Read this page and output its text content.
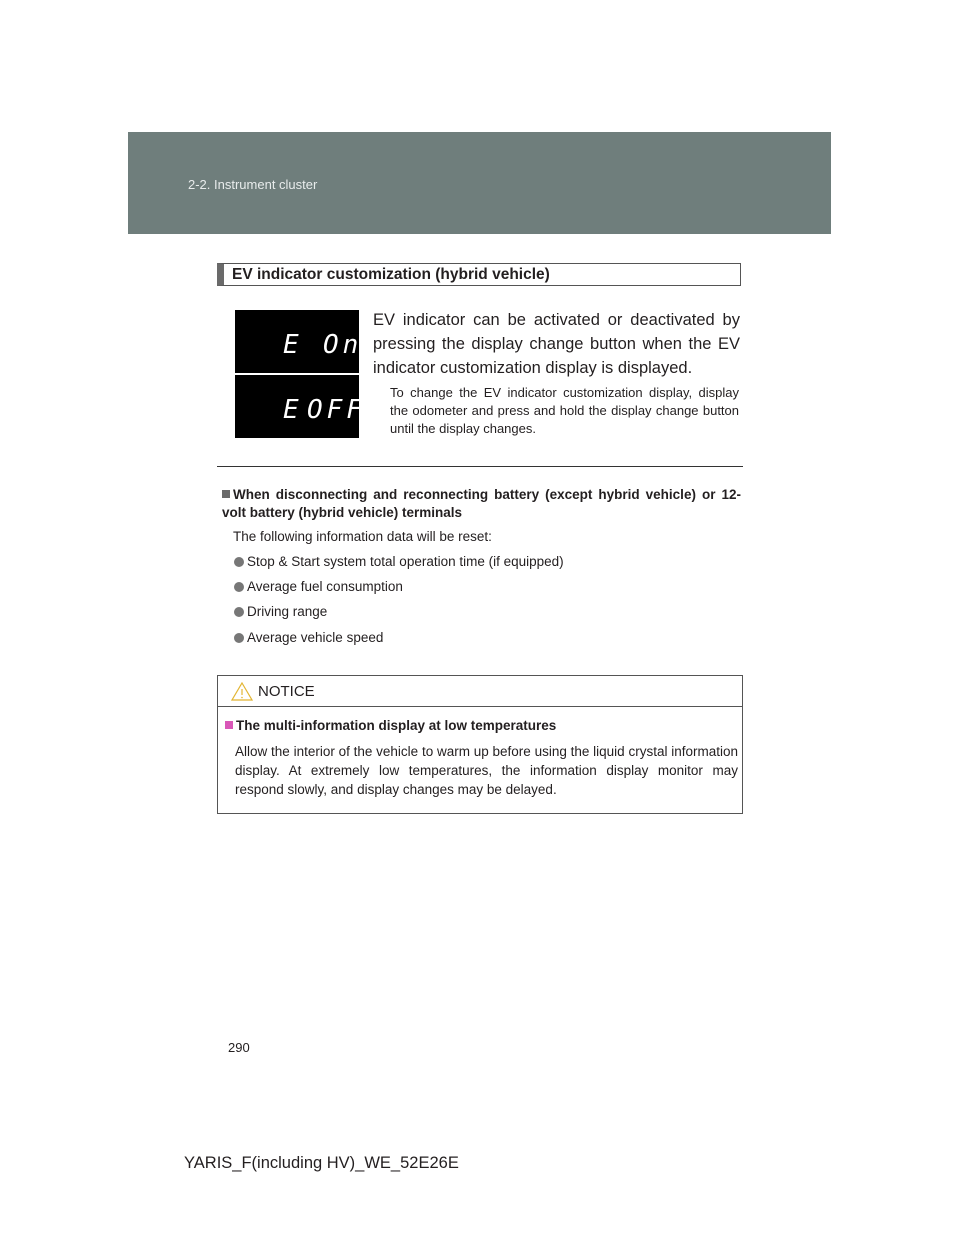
2-2. Instrument cluster
EV indicator customization (hybrid vehicle)
E On
E OFF
EV indicator can be activated or deactivated by pressing the display change button when the EV indicator customization display is displayed.
To change the EV indicator customization display, display the odometer and press and hold the display change button until the display changes.
When disconnecting and reconnecting battery (except hybrid vehicle) or 12-volt battery (hybrid vehicle) terminals
The following information data will be reset:
Stop & Start system total operation time (if equipped)
Average fuel consumption
Driving range
Average vehicle speed
NOTICE
The multi-information display at low temperatures
Allow the interior of the vehicle to warm up before using the liquid crystal information display. At extremely low temperatures, the information display monitor may respond slowly, and display changes may be delayed.
290
YARIS_F(including HV)_WE_52E26E
